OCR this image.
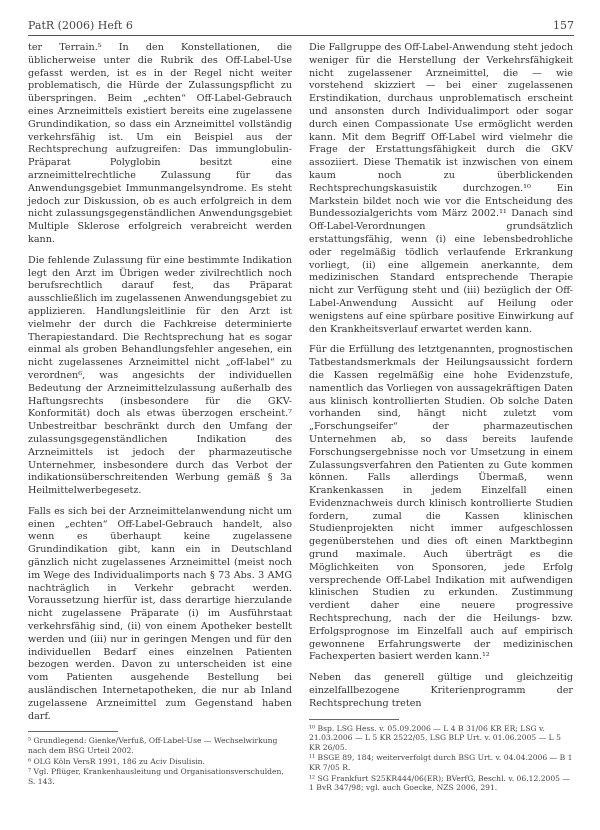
PatR (2006) Heft 6	157

ter Terrain.⁵ In den Konstellationen, die üblicherweise unter die Rubrik des Off-Label-Use gefasst werden, ist es in der Regel nicht weiter problematisch, die Hürde der Zulassungspflicht zu überspringen. Beim „echten“ Off-Label-Gebrauch eines Arzneimittels existiert bereits eine zugelassene Grundindikation, so dass ein Arzneimittel vollständig verkehrsfähig ist. Um ein Beispiel aus der Rechtsprechung aufzugreifen: Das immunglobulin-Präparat Polyglobin besitzt eine arzneimittelrechtliche Zulassung für das Anwendungsgebiet Immunmangelsyndrome. Es steht jedoch zur Diskussion, ob es auch erfolgreich in dem nicht zulassungsgegenständlichen Anwendungsgebiet Multiple Sklerose erfolgreich verabreicht werden kann.

Die fehlende Zulassung für eine bestimmte Indikation legt den Arzt im Übrigen weder zivilrechtlich noch berufsrechtlich darauf fest, das Präparat ausschließlich im zugelassenen Anwendungsgebiet zu applizieren. Handlungsleitlinie für den Arzt ist vielmehr der durch die Fachkreise determinierte Therapiestandard. Die Rechtsprechung hat es sogar einmal als groben Behandlungsfehler angesehen, ein nicht zugelassenes Arzneimittel nicht „off-label“ zu verordnen⁶, was angesichts der individuellen Bedeutung der Arzneimittelzulassung außerhalb des Haftungsrechts (insbesondere für die GKV-Konformität) doch als etwas überzogen erscheint.⁷ Unbestreitbar beschränkt durch den Umfang der zulassungsgegenständlichen Indikation des Arzneimittels ist jedoch der pharmazeutische Unternehmer, insbesondere durch das Verbot der indikationsüberschreitenden Werbung gemäß § 3a Heilmittelwerbegesetz.

Falls es sich bei der Arzneimittelanwendung nicht um einen „echten“ Off-Label-Gebrauch handelt, also wenn es überhaupt keine zugelassene Grundindikation gibt, kann ein in Deutschland gänzlich nicht zugelassenes Arzneimittel (meist noch im Wege des Individualimports nach § 73 Abs. 3 AMG nachträglich in Verkehr gebracht werden. Voraussetzung hierfür ist, dass derartige hierzulande nicht zugelassene Präparate (i) im Ausführstaat verkehrsfähig sind, (ii) von einem Apotheker bestellt werden und (iii) nur in geringen Mengen und für den individuellen Bedarf eines einzelnen Patienten bezogen werden. Davon zu unterscheiden ist eine vom Patienten ausgehende Bestellung bei ausländischen Internetapotheken, die nur ab Inland zugelassene Arzneimittel zum Gegenstand haben darf.

⁵ Grundlegend: Gienke/Verfuß, Off-Label-Use — Wechselwirkung nach dem BSG Urteil 2002.

⁶ OLG Köln VersR 1991, 186 zu Aciv Disulisin.

⁷ Vgl. Pflüger, Krankenhausleitung und Organisationsverschulden, S. 143.

Die Fallgruppe des Off-Label-Anwendung steht jedoch weniger für die Herstellung der Verkehrsfähigkeit nicht zugelassener Arzneimittel, die — wie vorstehend skizziert — bei einer zugelassenen Erstindikation, durchaus unproblematisch erscheint und ansonsten durch Individualimport oder sogar durch einen Compassionate Use ermöglicht werden kann. Mit dem Begriff Off-Label wird vielmehr die Frage der Erstattungsfähigkeit durch die GKV assoziiert. Diese Thematik ist inzwischen von einem kaum noch zu überblickenden Rechtsprechungskasuistik durchzogen.¹⁰ Ein Markstein bildet noch wie vor die Entscheidung des Bundessozialgerichts vom März 2002.¹¹ Danach sind Off-Label-Verordnungen grundsätzlich erstattungsfähig, wenn (i) eine lebensbedrohliche oder regelmäßig tödlich verlaufende Erkrankung vorliegt, (ii) eine allgemein anerkannte, dem medizinischen Standard entsprechende Therapie nicht zur Verfügung steht und (iii) bezüglich der Off-Label-Anwendung Aussicht auf Heilung oder wenigstens auf eine spürbare positive Einwirkung auf den Krankheitsverlauf erwartet werden kann.

Für die Erfüllung des letztgenannten, prognostischen Tatbestandsmerkmals der Heilungsaussicht fordern die Kassen regelmäßig eine hohe Evidenzstufe, namentlich das Vorliegen von aussagekräftigen Daten aus klinisch kontrollierten Studien. Ob solche Daten vorhanden sind, hängt nicht zuletzt vom „Forschungseifer“ der pharmazeutischen Unternehmen ab, so dass bereits laufende Forschungsergebnisse noch vor Umsetzung in einem Zulassungsverfahren den Patienten zu Gute kommen können. Falls allerdings Übermaß, wenn Krankenkassen in jedem Einzelfall einen Evidenznachweis durch klinisch kontrollierte Studien fordern, zumal die Kassen klinischen Studienprojekten nicht immer aufgeschlossen gegenüberstehen und dies oft einen Marktbeginn grund maximale. Auch überträgt es die Möglichkeiten von Sponsoren, jede Erfolg versprechende Off-Label Indikation mit aufwendigen klinischen Studien zu erkunden. Zustimmung verdient daher eine neuere progressive Rechtsprechung, nach der die Heilungs- bzw. Erfolgsprognose im Einzelfall auch auf empirisch gewonnene Erfahrungswerte der medizinischen Fachexperten basiert werden kann.¹²

Neben das generell gültige und gleichzeitig einzelfallbezogene Kriterienprogramm der Rechtsprechung treten

¹⁰ Bsp. LSG Hess. v. 05.09.2006 — L 4 B 31/06 KR ER; LSG v. 21.03.2006 — L 5 KR 2522/05, LSG BLP Urt. v. 01.06.2005 — L 5 KR 26/05.

¹¹ BSGE 89, 184; weiterverfolgt durch BSG Urt. v. 04.04.2006 — B 1 KR 7/05 R.

¹² SG Frankfurt S25KR444/06(ER); BVerfG, Beschl. v. 06.12.2005 — 1 BvR 347/98; vgl. auch Goecke, NZS 2006, 291.
